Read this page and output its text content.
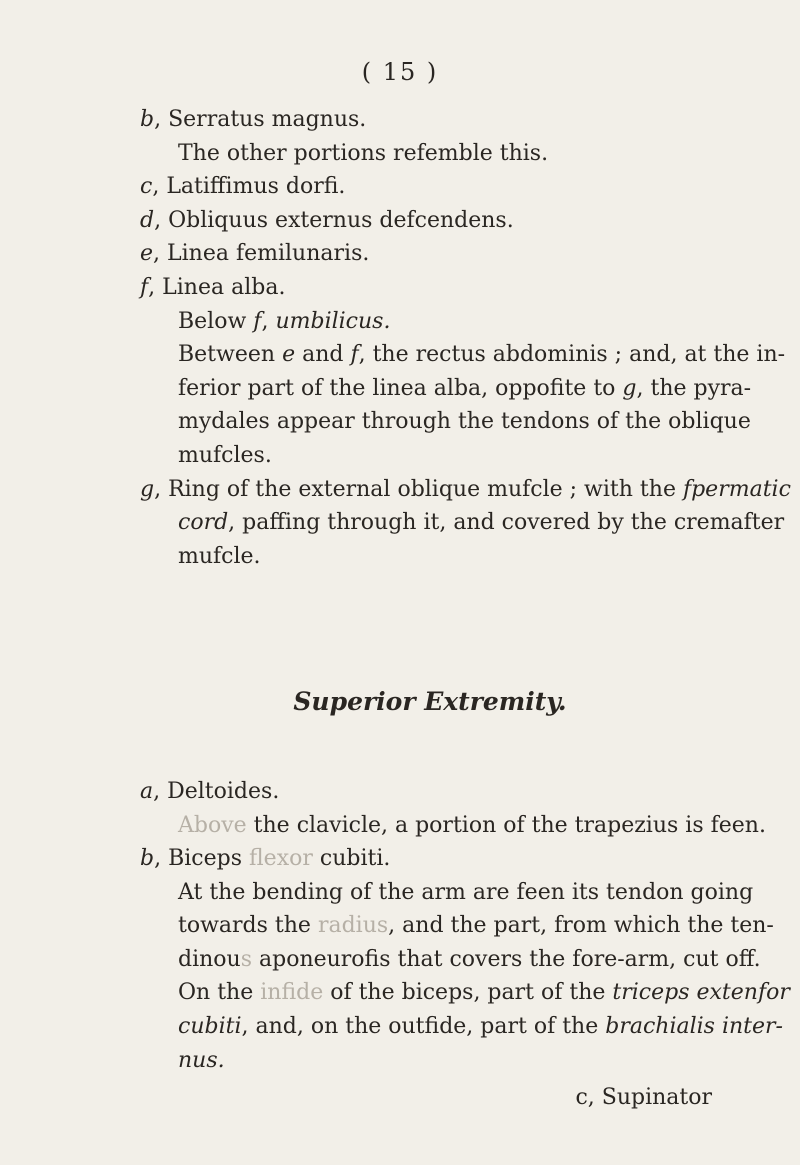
( 15 )
b, Serratus magnus.
The other portions refemble this.
c, Latiffimus dorfi.
d, Obliquus externus defcendens.
e, Linea femilunaris.
f, Linea alba.
Below f, umbilicus.
Between e and f, the rectus abdominis ; and, at the in-
ferior part of the linea alba, oppofite to g, the pyra-
mydales appear through the tendons of the oblique
mufcles.
g, Ring of the external oblique mufcle ; with the fpermatic
cord, paffing through it, and covered by the cremafter
mufcle.
Superior Extremity.
a, Deltoides.
Above the clavicle, a portion of the trapezius is feen.
b, Biceps flexor cubiti.
At the bending of the arm are feen its tendon going
towards the radius, and the part, from which the ten-
dinous aponeurofis that covers the fore-arm, cut off.
On the infide of the biceps, part of the triceps extenfor
cubiti, and, on the outfide, part of the brachialis inter-
nus.
c, Supinator
